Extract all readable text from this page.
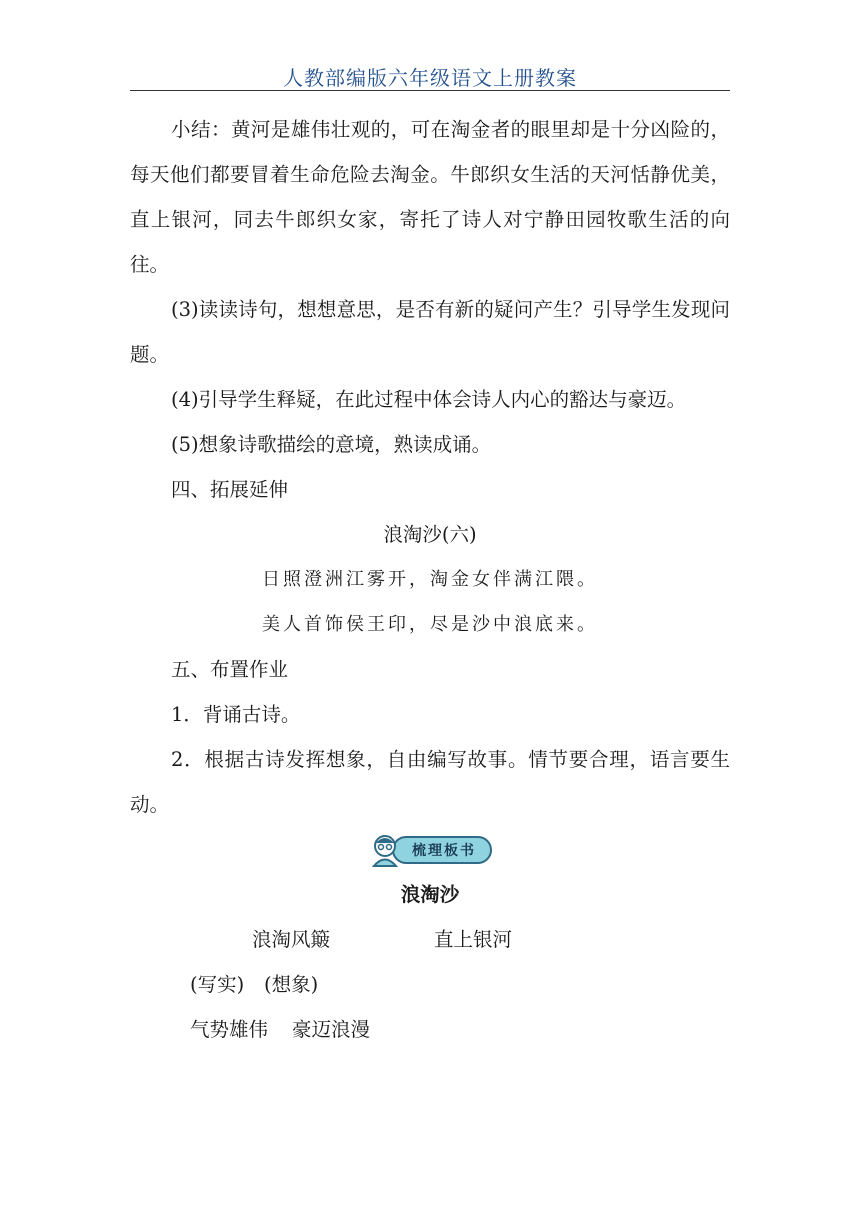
人教部编版六年级语文上册教案

小结：黄河是雄伟壮观的，可在淘金者的眼里却是十分凶险的，每天他们都要冒着生命危险去淘金。牛郎织女生活的天河恬静优美，直上银河，同去牛郎织女家，寄托了诗人对宁静田园牧歌生活的向往。

(3)读读诗句，想想意思，是否有新的疑问产生？引导学生发现问题。

(4)引导学生释疑，在此过程中体会诗人内心的豁达与豪迈。
(5)想象诗歌描绘的意境，熟读成诵。
四、拓展延伸
浪淘沙(六)
日照澄洲江雾开，淘金女伴满江隈。
美人首饰侯王印，尽是沙中浪底来。
五、布置作业
1．背诵古诗。

2．根据古诗发挥想象，自由编写故事。情节要合理，语言要生动。

梳理板书
浪淘沙
浪淘风簸	直上银河
(写实) (想象)
气势雄伟 豪迈浪漫
